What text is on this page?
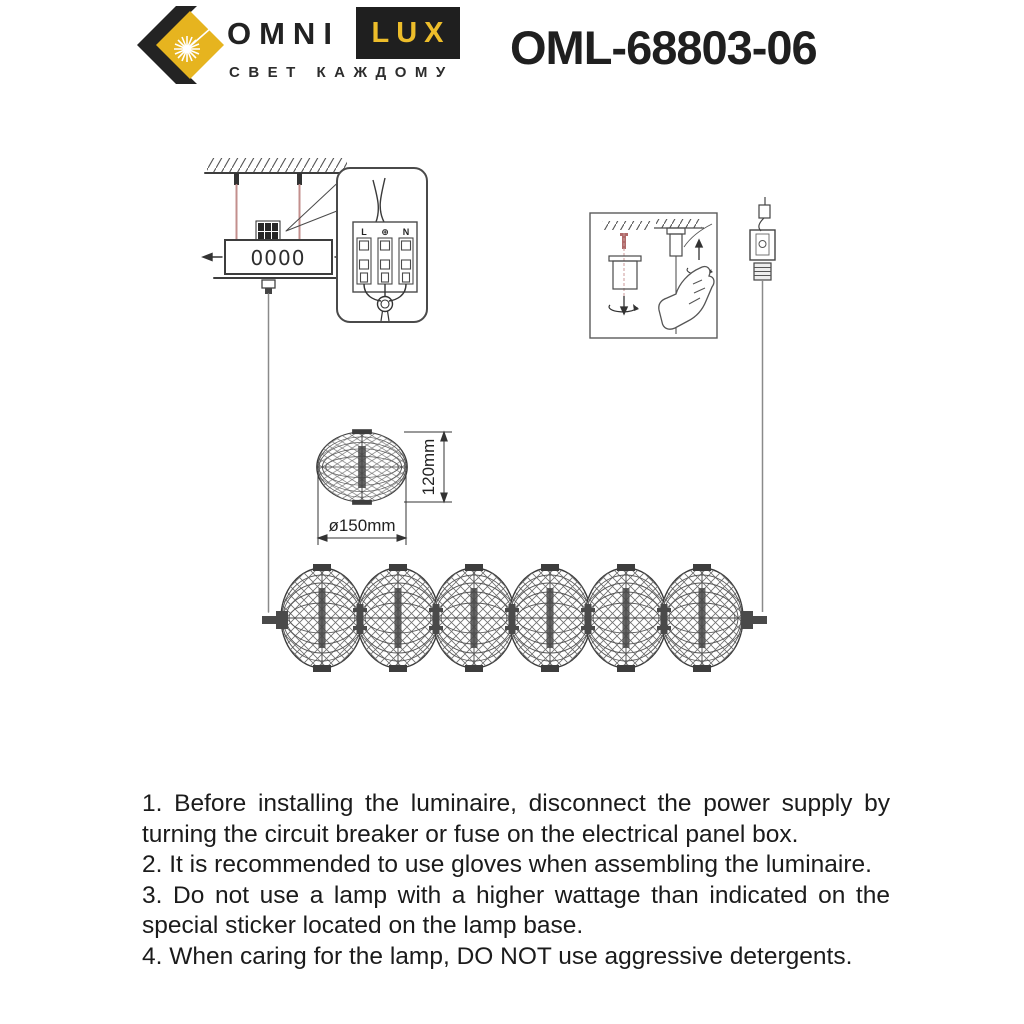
OMNI LUX
СВЕТ КАЖДОМУ OML-68803-06
0000
L ⊕ N
120mm
ø150mm

1. Before installing the luminaire, disconnect the power supply by turning the circuit breaker or fuse on the electrical panel box.

2. It is recommended to use gloves when assembling the luminaire.

3. Do not use a lamp with a higher wattage than indicated on the special sticker located on the lamp base.

4. When caring for the lamp, DO NOT use aggressive detergents.
